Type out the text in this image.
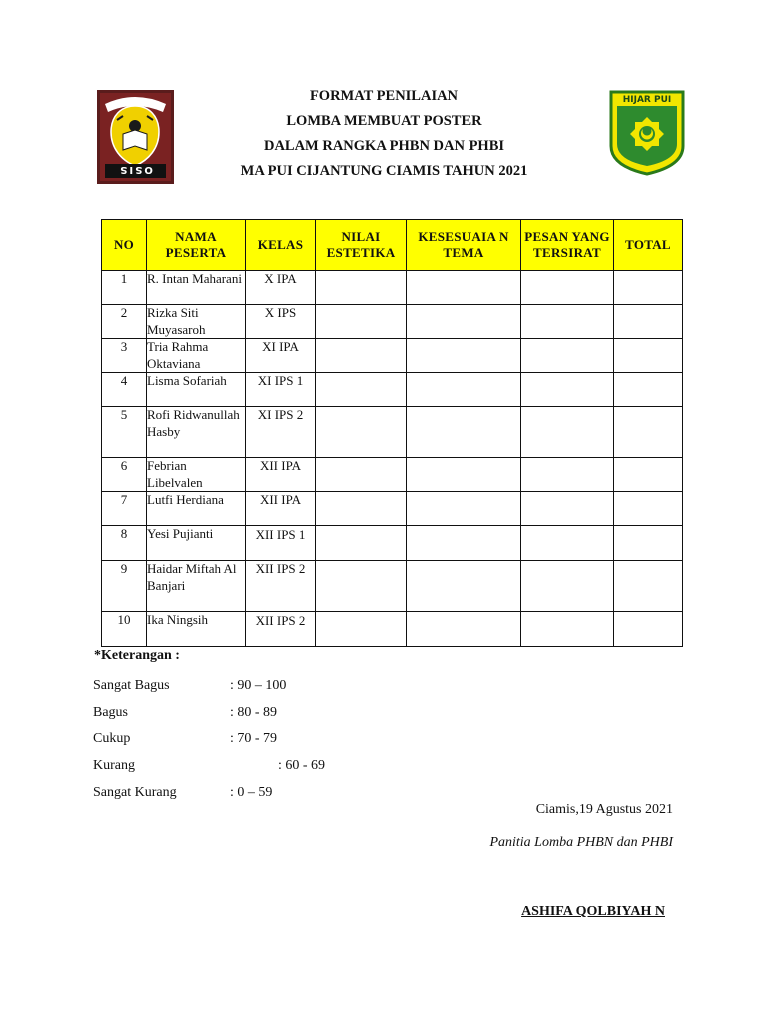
OSIS
HIJAR PUI
FORMAT PENILAIAN
LOMBA MEMBUAT POSTER
DALAM RANGKA PHBN DAN PHBI
MA PUI CIJANTUNG CIAMIS TAHUN 2021
NO	NAMA PESERTA	KELAS	NILAI ESTETIKA	KESESUAIA N TEMA	PESAN YANG TERSIRAT	TOTAL
1	R. Intan Maharani	X IPA				
2	Rizka Siti Muyasaroh	X IPS				
3	Tria Rahma Oktaviana	XI IPA				
4	Lisma Sofariah	XI IPS 1				
5	Rofi Ridwanullah Hasby	XI IPS 2				
6	Febrian Libelvalen	XII IPA				
7	Lutfi Herdiana	XII IPA				
8	Yesi Pujianti	XII IPS 1				
9	Haidar Miftah Al Banjari	XII IPS 2				
10	Ika Ningsih	XII IPS 2				
*Keterangan :
Sangat Bagus	: 90 – 100
Bagus	: 80 - 89
Cukup	: 70 - 79
Kurang	: 60 - 69
Sangat Kurang	: 0 – 59
Ciamis,19 Agustus 2021
Panitia Lomba PHBN dan PHBI
ASHIFA QOLBIYAH N
